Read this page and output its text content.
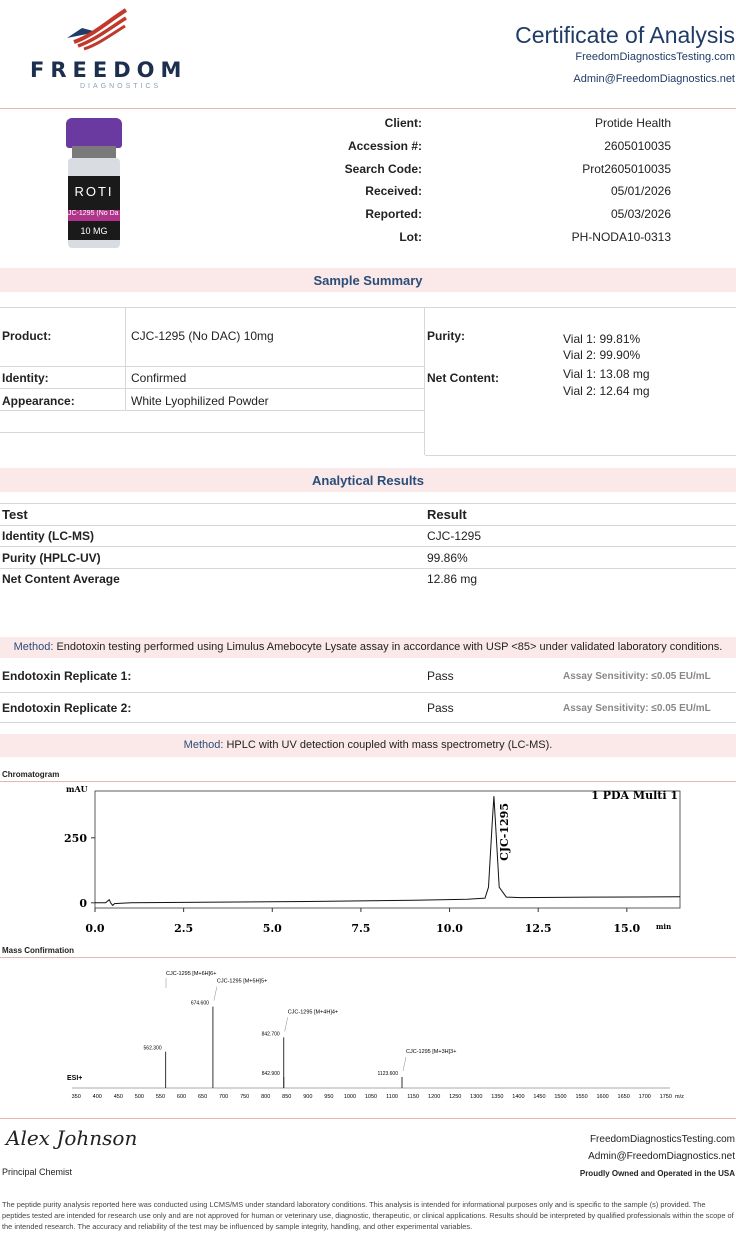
FREEDOM
DIAGNOSTICS
Certificate of Analysis
FreedomDiagnosticsTesting.com
Admin@FreedomDiagnostics.net
ROTI
JC-1295 (No Da
10 MG
Client:	Protide Health
Accession #:	2605010035
Search Code:	Prot2605010035
Received:	05/01/2026
Reported:	05/03/2026
Lot:	PH-NODA10-0313
Sample Summary
Product:	CJC-1295 (No DAC) 10mg
Identity:	Confirmed
Appearance:	White Lyophilized Powder
Purity:	Vial 1: 99.81%
Vial 2: 99.90%
Net Content:	Vial 1: 13.08 mg
Vial 2: 12.64 mg
Analytical Results
Test	Result
Identity (LC-MS)	CJC-1295
Purity (HPLC-UV)	99.86%
Net Content Average	12.86 mg
Method: Endotoxin testing performed using Limulus Amebocyte Lysate assay in accordance with USP <85> under validated laboratory conditions.
Endotoxin Replicate 1:	Pass	Assay Sensitivity: ≤0.05 EU/mL
Endotoxin Replicate 2:	Pass	Assay Sensitivity: ≤0.05 EU/mL
Method: HPLC with UV detection coupled with mass spectrometry (LC-MS).
Chromatogram
mAU
min
1 PDA Multi 1
0.0	2.5	5.0	7.5	10.0	12.5	15.0
0
250	CJC-1295
Mass Confirmation
350 400 450 500 550 600 650 700 750 800 850 900 950 1000 1050 1100 1150 1200 1250 1300 1350 1400 1450 1500 1550 1600 1650 1700 1750 m/z
ESI+
562.300
674.600
CJC-1295 [M+5H]5+
842.700
CJC-1295 [M+4H]4+
842.900	1123.600
CJC-1295 [M+3H]3+
CJC-1295 [M+6H]6+
Alex Johnson
Principal Chemist
FreedomDiagnosticsTesting.com
Admin@FreedomDiagnostics.net
Proudly Owned and Operated in the USA
The peptide purity analysis reported here was conducted using LCMS/MS under standard laboratory conditions. This analysis is intended for informational purposes only and is specific to the sample (s) provided. The peptides tested are intended for research use only and are not approved for human or veterinary use, diagnostic, therapeutic, or clinical applications. Results should be interpreted by qualified professionals within the scope of the intended research. The accuracy and reliability of the test may be influenced by sample integrity, handling, and other experimental variables.
